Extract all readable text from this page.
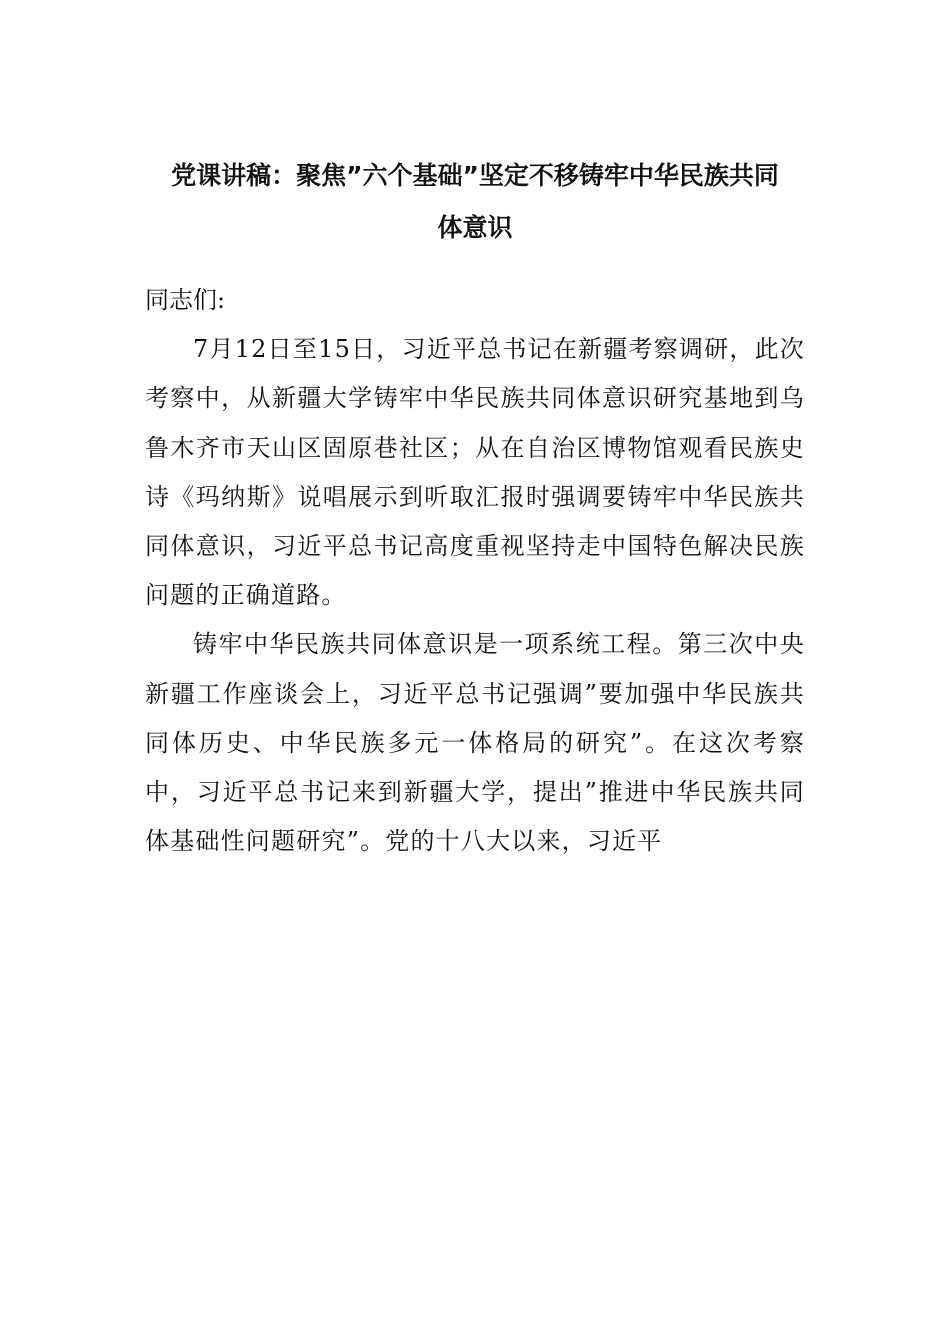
党课讲稿：聚焦”六个基础”坚定不移铸牢中华民族共同
体意识

同志们:

7月12日至15日，习近平总书记在新疆考察调研，此次考察中，从新疆大学铸牢中华民族共同体意识研究基地到乌鲁木齐市天山区固原巷社区；从在自治区博物馆观看民族史诗《玛纳斯》说唱展示到听取汇报时强调要铸牢中华民族共同体意识，习近平总书记高度重视坚持走中国特色解决民族问题的正确道路。

铸牢中华民族共同体意识是一项系统工程。第三次中央新疆工作座谈会上，习近平总书记强调”要加强中华民族共同体历史、中华民族多元一体格局的研究”。在这次考察中，习近平总书记来到新疆大学，提出”推进中华民族共同体基础性问题研究”。党的十八大以来，习近平
